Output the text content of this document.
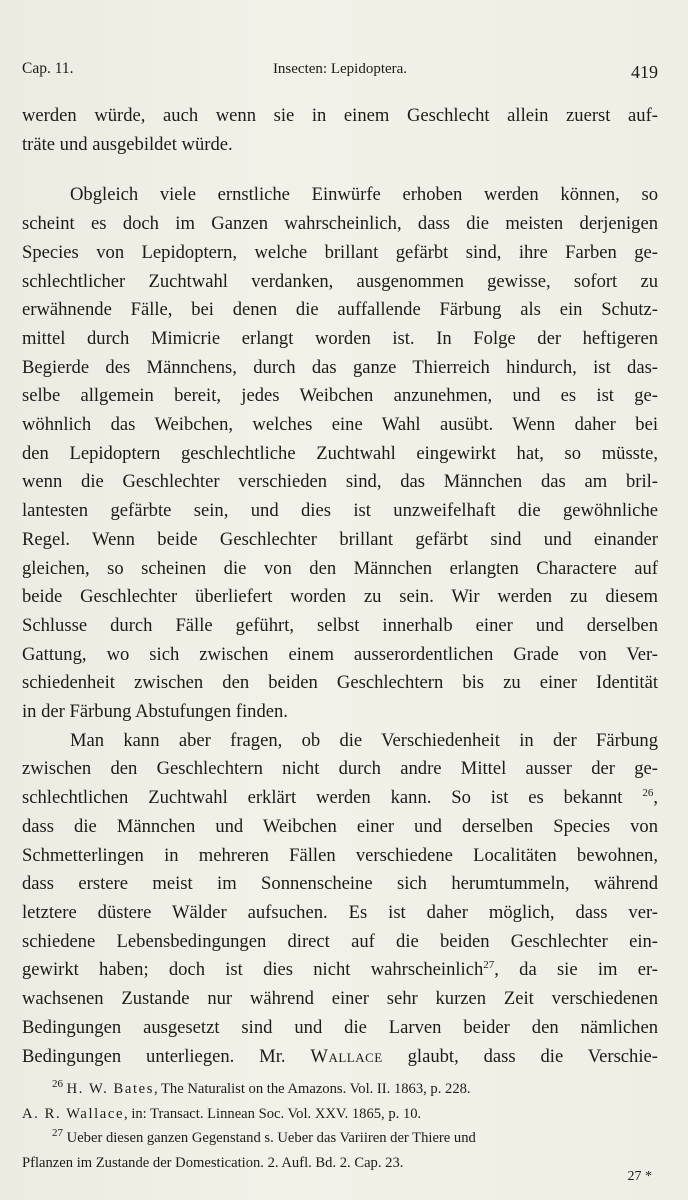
Cap. 11.	Insecten: Lepidoptera.	419
werden würde, auch wenn sie in einem Geschlecht allein zuerst auf-
träte und ausgebildet würde.
Obgleich viele ernstliche Einwürfe erhoben werden können, so
scheint es doch im Ganzen wahrscheinlich, dass die meisten derjenigen
Species von Lepidoptern, welche brillant gefärbt sind, ihre Farben ge-
schlechtlicher Zuchtwahl verdanken, ausgenommen gewisse, sofort zu
erwähnende Fälle, bei denen die auffallende Färbung als ein Schutz-
mittel durch Mimicrie erlangt worden ist. In Folge der heftigeren
Begierde des Männchens, durch das ganze Thierreich hindurch, ist das-
selbe allgemein bereit, jedes Weibchen anzunehmen, und es ist ge-
wöhnlich das Weibchen, welches eine Wahl ausübt. Wenn daher bei
den Lepidoptern geschlechtliche Zuchtwahl eingewirkt hat, so müsste,
wenn die Geschlechter verschieden sind, das Männchen das am bril-
lantesten gefärbte sein, und dies ist unzweifelhaft die gewöhnliche
Regel. Wenn beide Geschlechter brillant gefärbt sind und einander
gleichen, so scheinen die von den Männchen erlangten Charactere auf
beide Geschlechter überliefert worden zu sein. Wir werden zu diesem
Schlusse durch Fälle geführt, selbst innerhalb einer und derselben
Gattung, wo sich zwischen einem ausserordentlichen Grade von Ver-
schiedenheit zwischen den beiden Geschlechtern bis zu einer Identität
in der Färbung Abstufungen finden.
Man kann aber fragen, ob die Verschiedenheit in der Färbung
zwischen den Geschlechtern nicht durch andre Mittel ausser der ge-
schlechtlichen Zuchtwahl erklärt werden kann. So ist es bekannt $^{26}$,
dass die Männchen und Weibchen einer und derselben Species von
Schmetterlingen in mehreren Fällen verschiedene Localitäten bewohnen,
dass erstere meist im Sonnenscheine sich herumtummeln, während
letztere düstere Wälder aufsuchen. Es ist daher möglich, dass ver-
schiedene Lebensbedingungen direct auf die beiden Geschlechter ein-
gewirkt haben; doch ist dies nicht wahrscheinlich$^{27}$, da sie im er-
wachsenen Zustande nur während einer sehr kurzen Zeit verschiedenen
Bedingungen ausgesetzt sind und die Larven beider den nämlichen
Bedingungen unterliegen. Mr. Wallace glaubt, dass die Verschie-
$^{26}$ H. W. Bates, The Naturalist on the Amazons. Vol. II. 1863, p. 228.
A. R. Wallace, in: Transact. Linnean Soc. Vol. XXV. 1865, p. 10.
$^{27}$ Ueber diesen ganzen Gegenstand s. Ueber das Variiren der Thiere und
Pflanzen im Zustande der Domestication. 2. Aufl. Bd. 2. Cap. 23.
27 *
